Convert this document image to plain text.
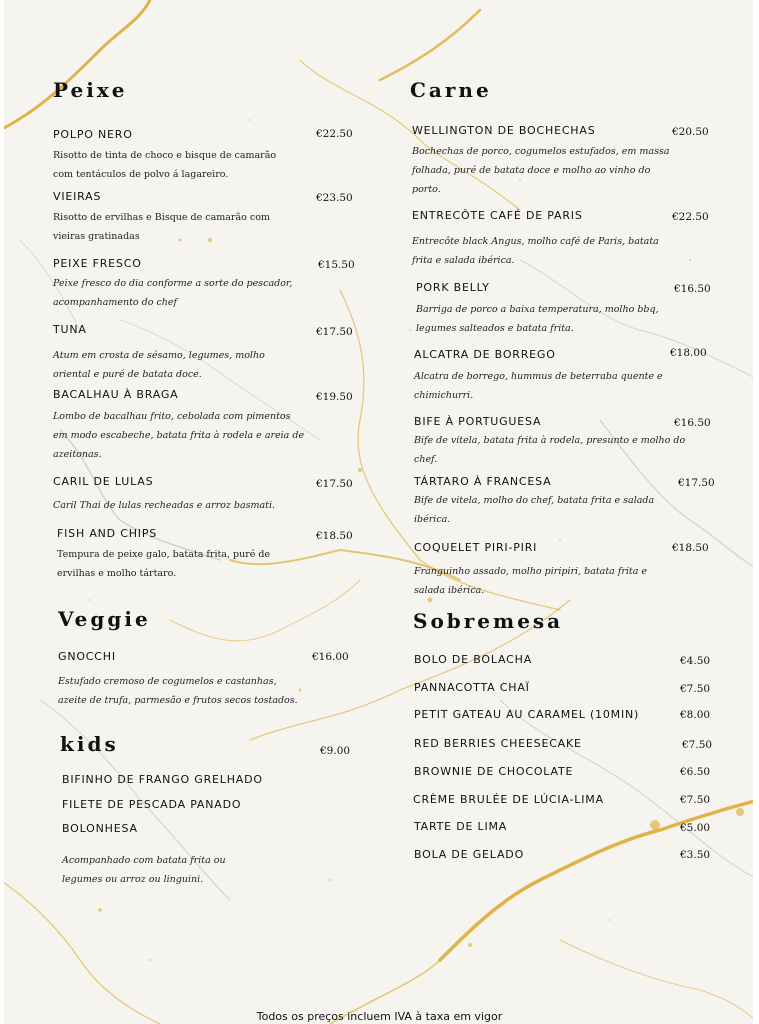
Peixe
POLPO NERO	€22.50
Risotto de tinta de choco e bisque de camarão com tentáculos de polvo á lagareiro.
VIEIRAS	€23.50
Risotto de ervilhas e Bisque de camarão com vieiras gratinadas
PEIXE FRESCO	€15.50
Peixe fresco do dia conforme a sorte do pescador, acompanhamento do chef
TUNA	€17.50
Atum em crosta de sésamo, legumes, molho oriental e puré de batata doce.
BACALHAU À BRAGA	€19.50
Lombo de bacalhau frito, cebolada com pimentos em modo escabeche, batata frita à rodela e areia de azeitonas.
CARIL DE LULAS	€17.50
Caril Thai de lulas recheadas e arroz basmati.
FISH AND CHIPS	€18.50
Tempura de peixe galo, batata frita, puré de ervilhas e molho tártaro.
Veggie
GNOCCHI	€16.00
Estufado cremoso de cogumelos e castanhas, azeite de trufa, parmesão e frutos secos tostados.
kids	€9.00
BIFINHO DE FRANGO GRELHADO
FILETE DE PESCADA PANADO
BOLONHESA
Acompanhado com batata frita ou legumes ou arroz ou linguini.
Carne
WELLINGTON DE BOCHECHAS	€20.50
Bochechas de porco, cogumelos estufados, em massa folhada, puré de batata doce e molho ao vinho do porto.
ENTRECÔTE CAFÉ DE PARIS	€22.50
Entrecôte black Angus, molho café de Paris, batata frita e salada ibérica.
PORK BELLY	€16.50
Barriga de porco a baixa temperatura, molho bbq, legumes salteados e batata frita.
ALCATRA DE BORREGO	€18.00
Alcatra de borrego, hummus de beterraba quente e chimichurri.
BIFE À PORTUGUESA	€16.50
Bife de vitela, batata frita à rodela, presunto e molho do chef.
TÁRTARO À FRANCESA	€17.50
Bife de vitela, molho do chef, batata frita e salada ibérica.
COQUELET PIRI-PIRI	€18.50
Franguinho assado, molho piripiri, batata frita e salada ibérica.
Sobremesa
BOLO DE BOLACHA	€4.50
PANNACOTTA CHAÏ	€7.50
PETIT GATEAU AU CARAMEL (10MIN)	€8.00
RED BERRIES CHEESECAKE	€7.50
BROWNIE DE CHOCOLATE	€6.50
CRÈME BRULÉE DE LÚCIA-LIMA	€7.50
TARTE DE LIMA	€5.00
BOLA DE GELADO	€3.50
Todos os preços incluem IVA à taxa em vigor
